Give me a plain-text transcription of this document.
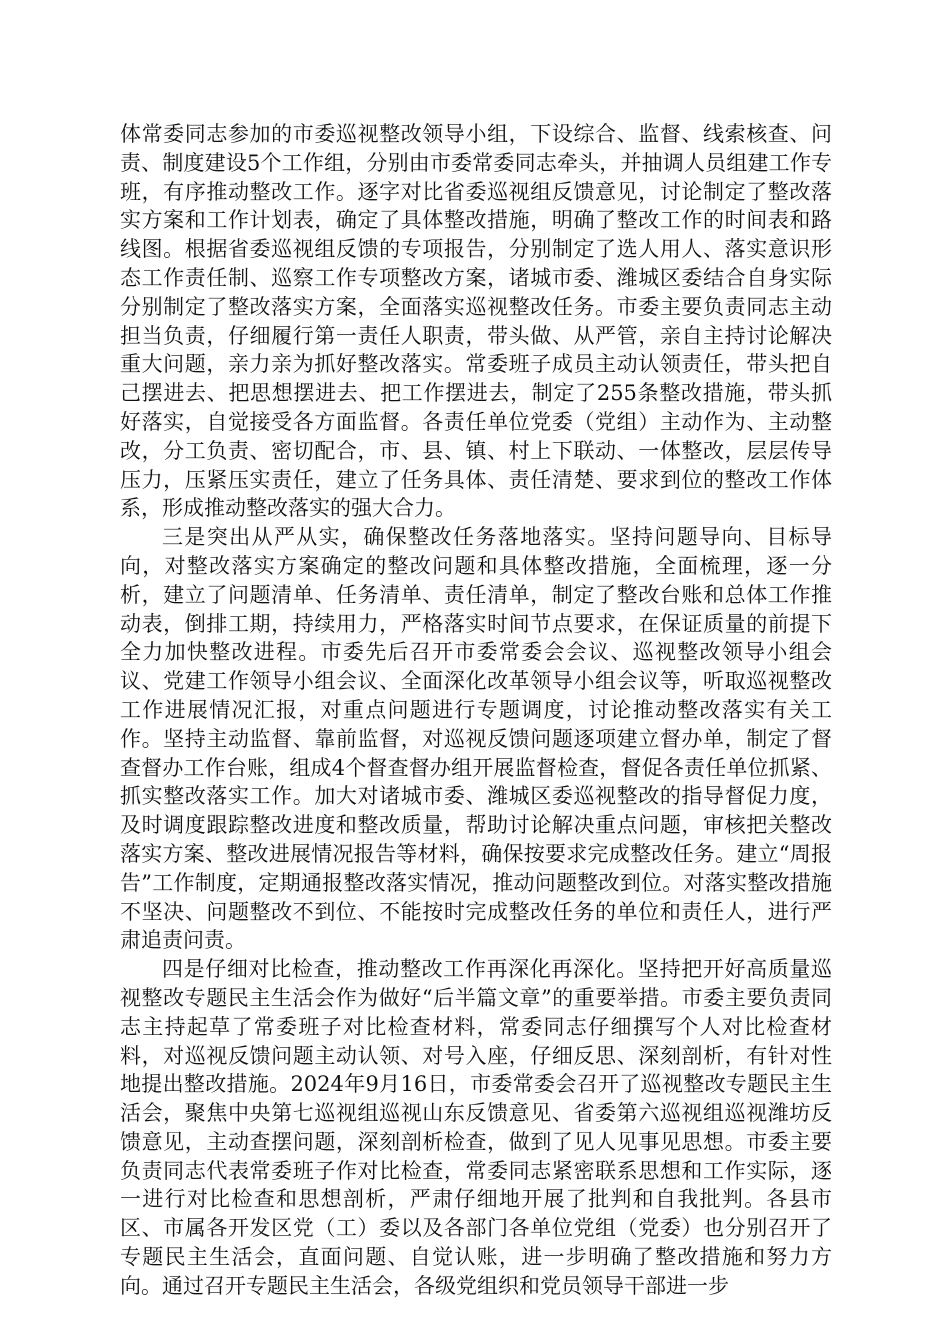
体常委同志参加的市委巡视整改领导小组，下设综合、监督、线索核查、问责、制度建设5个工作组，分别由市委常委同志牵头，并抽调人员组建工作专班，有序推动整改工作。逐字对比省委巡视组反馈意见，讨论制定了整改落实方案和工作计划表，确定了具体整改措施，明确了整改工作的时间表和路线图。根据省委巡视组反馈的专项报告，分别制定了选人用人、落实意识形态工作责任制、巡察工作专项整改方案，诸城市委、潍城区委结合自身实际分别制定了整改落实方案，全面落实巡视整改任务。市委主要负责同志主动担当负责，仔细履行第一责任人职责，带头做、从严管，亲自主持讨论解决重大问题，亲力亲为抓好整改落实。常委班子成员主动认领责任，带头把自己摆进去、把思想摆进去、把工作摆进去，制定了255条整改措施，带头抓好落实，自觉接受各方面监督。各责任单位党委（党组）主动作为、主动整改，分工负责、密切配合，市、县、镇、村上下联动、一体整改，层层传导压力，压紧压实责任，建立了任务具体、责任清楚、要求到位的整改工作体系，形成推动整改落实的强大合力。

三是突出从严从实，确保整改任务落地落实。坚持问题导向、目标导向，对整改落实方案确定的整改问题和具体整改措施，全面梳理，逐一分析，建立了问题清单、任务清单、责任清单，制定了整改台账和总体工作推动表，倒排工期，持续用力，严格落实时间节点要求，在保证质量的前提下全力加快整改进程。市委先后召开市委常委会会议、巡视整改领导小组会议、党建工作领导小组会议、全面深化改革领导小组会议等，听取巡视整改工作进展情况汇报，对重点问题进行专题调度，讨论推动整改落实有关工作。坚持主动监督、靠前监督，对巡视反馈问题逐项建立督办单，制定了督查督办工作台账，组成4个督查督办组开展监督检查，督促各责任单位抓紧、抓实整改落实工作。加大对诸城市委、潍城区委巡视整改的指导督促力度，及时调度跟踪整改进度和整改质量，帮助讨论解决重点问题，审核把关整改落实方案、整改进展情况报告等材料，确保按要求完成整改任务。建立“周报告”工作制度，定期通报整改落实情况，推动问题整改到位。对落实整改措施不坚决、问题整改不到位、不能按时完成整改任务的单位和责任人，进行严肃追责问责。

四是仔细对比检查，推动整改工作再深化再深化。坚持把开好高质量巡视整改专题民主生活会作为做好“后半篇文章”的重要举措。市委主要负责同志主持起草了常委班子对比检查材料，常委同志仔细撰写个人对比检查材料，对巡视反馈问题主动认领、对号入座，仔细反思、深刻剖析，有针对性地提出整改措施。2024年9月16日，市委常委会召开了巡视整改专题民主生活会，聚焦中央第七巡视组巡视山东反馈意见、省委第六巡视组巡视潍坊反馈意见，主动查摆问题，深刻剖析检查，做到了见人见事见思想。市委主要负责同志代表常委班子作对比检查，常委同志紧密联系思想和工作实际，逐一进行对比检查和思想剖析，严肃仔细地开展了批判和自我批判。各县市区、市属各开发区党（工）委以及各部门各单位党组（党委）也分别召开了专题民主生活会，直面问题、自觉认账，进一步明确了整改措施和努力方向。通过召开专题民主生活会，各级党组织和党员领导干部进一步
